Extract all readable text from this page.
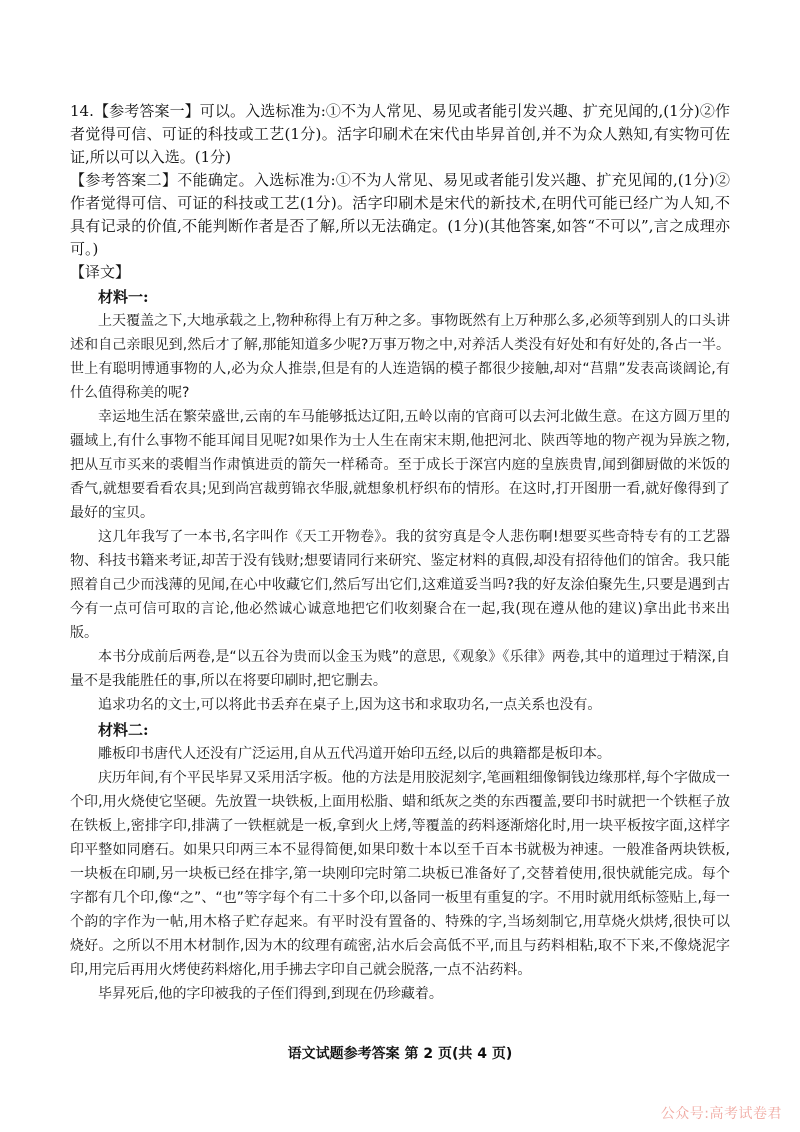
14.【参考答案一】可以。入选标准为:①不为人常见、易见或者能引发兴趣、扩充见闻的,(1分)②作者觉得可信、可证的科技或工艺(1分)。活字印刷术在宋代由毕昇首创,并不为众人熟知,有实物可佐证,所以可以入选。(1分)

【参考答案二】不能确定。入选标准为:①不为人常见、易见或者能引发兴趣、扩充见闻的,(1分)②作者觉得可信、可证的科技或工艺(1分)。活字印刷术是宋代的新技术,在明代可能已经广为人知,不具有记录的价值,不能判断作者是否了解,所以无法确定。(1分)(其他答案,如答“不可以”,言之成理亦可。)

【译文】

材料一:

上天覆盖之下,大地承载之上,物种称得上有万种之多。事物既然有上万种那么多,必须等到别人的口头讲述和自己亲眼见到,然后才了解,那能知道多少呢?万事万物之中,对养活人类没有好处和有好处的,各占一半。世上有聪明博通事物的人,必为众人推崇,但是有的人连造锅的模子都很少接触,却对“莒鼎”发表高谈阔论,有什么值得称美的呢?

幸运地生活在繁荣盛世,云南的车马能够抵达辽阳,五岭以南的官商可以去河北做生意。在这方圆万里的疆域上,有什么事物不能耳闻目见呢?如果作为士人生在南宋末期,他把河北、陕西等地的物产视为异族之物,把从互市买来的裘帽当作肃慎进贡的箭矢一样稀奇。至于成长于深宫内庭的皇族贵胄,闻到御厨做的米饭的香气,就想要看看农具;见到尚宫裁剪锦衣华服,就想象机杼织布的情形。在这时,打开图册一看,就好像得到了最好的宝贝。

这几年我写了一本书,名字叫作《天工开物卷》。我的贫穷真是令人悲伤啊!想要买些奇特专有的工艺器物、科技书籍来考证,却苦于没有钱财;想要请同行来研究、鉴定材料的真假,却没有招待他们的馆舍。我只能照着自己少而浅薄的见闻,在心中收藏它们,然后写出它们,这难道妥当吗?我的好友涂伯聚先生,只要是遇到古今有一点可信可取的言论,他必然诚心诚意地把它们收刻聚合在一起,我(现在遵从他的建议)拿出此书来出版。

本书分成前后两卷,是“以五谷为贵而以金玉为贱”的意思,《观象》《乐律》两卷,其中的道理过于精深,自量不是我能胜任的事,所以在将要印刷时,把它删去。

追求功名的文士,可以将此书丢弃在桌子上,因为这书和求取功名,一点关系也没有。

材料二:

雕板印书唐代人还没有广泛运用,自从五代冯道开始印五经,以后的典籍都是板印本。

庆历年间,有个平民毕昇又采用活字板。他的方法是用胶泥刻字,笔画粗细像铜钱边缘那样,每个字做成一个印,用火烧使它坚硬。先放置一块铁板,上面用松脂、蜡和纸灰之类的东西覆盖,要印书时就把一个铁框子放在铁板上,密排字印,排满了一铁框就是一板,拿到火上烤,等覆盖的药料逐渐熔化时,用一块平板按字面,这样字印平整如同磨石。如果只印两三本不显得简便,如果印数十本以至千百本书就极为神速。一般准备两块铁板,一块板在印刷,另一块板已经在排字,第一块刚印完时第二块板已准备好了,交替着使用,很快就能完成。每个字都有几个印,像“之”、“也”等字每个有二十多个印,以备同一板里有重复的字。不用时就用纸标签贴上,每一个韵的字作为一帖,用木格子贮存起来。有平时没有置备的、特殊的字,当场刻制它,用草烧火烘烤,很快可以烧好。之所以不用木材制作,因为木的纹理有疏密,沾水后会高低不平,而且与药料相粘,取不下来,不像烧泥字印,用完后再用火烤使药料熔化,用手拂去字印自己就会脱落,一点不沾药料。

毕昇死后,他的字印被我的子侄们得到,到现在仍珍藏着。

语文试题参考答案 第 2 页(共 4 页)
公众号:高考试卷君
